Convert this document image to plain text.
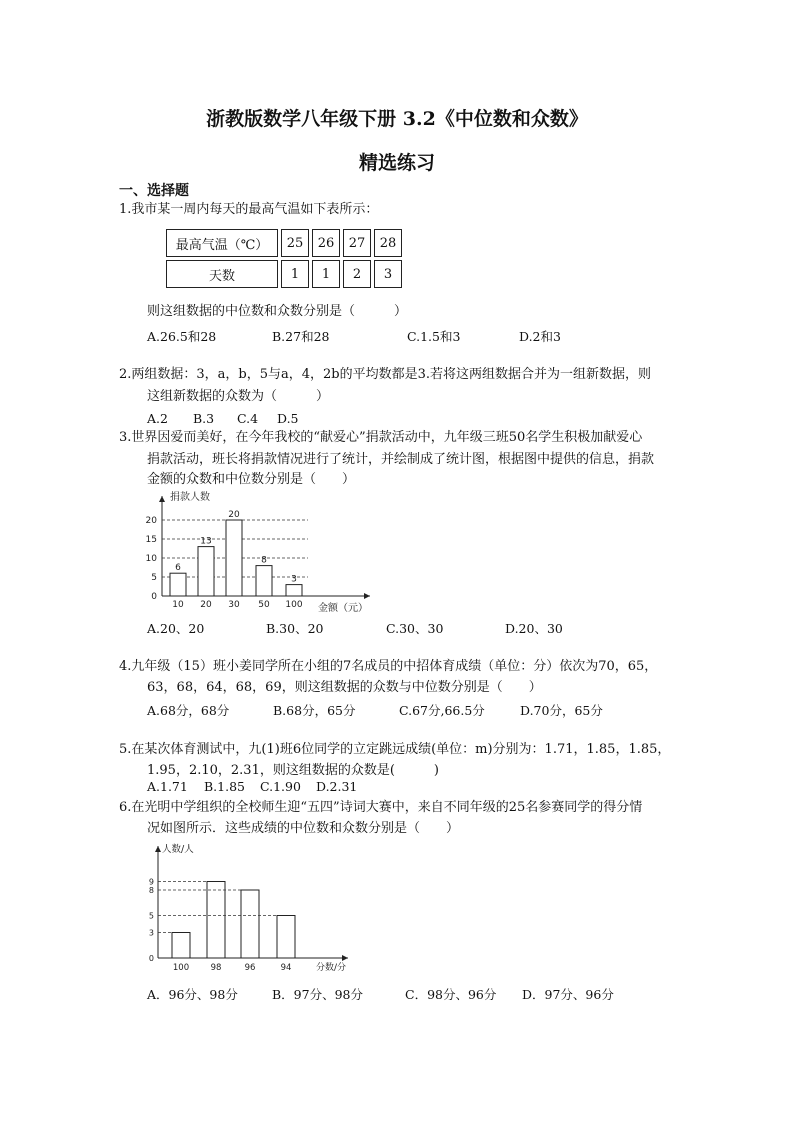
浙教版数学八年级下册 3.2《中位数和众数》
精选练习
一、选择题
1.我市某一周内每天的最高气温如下表所示：
最高气温（℃）	25	26	27	28
天数	1	1	2	3
则这组数据的中位数和众数分别是（　　　）
A.26.5和28	B.27和28	C.1.5和3	D.2和3
2.两组数据：3，a，b，5与a，4，2b的平均数都是3.若将这两组数据合并为一组新数据，则
这组新数据的众数为（　　　）
A.2 B.3 C.4 D.5
3.世界因爱而美好，在今年我校的“献爱心”捐款活动中，九年级三班50名学生积极加献爱心
捐款活动，班长将捐款情况进行了统计，并绘制成了统计图，根据图中提供的信息，捐款
金额的众数和中位数分别是（　　）
捐款人数
金额（元）
0
5
10
15
20
6
10
13
20
20
30
8
50
3
100
A.20、20	B.30、20	C.30、30	D.20、30
4.九年级（15）班小姜同学所在小组的7名成员的中招体育成绩（单位：分）依次为70，65，
63，68，64，68，69，则这组数据的众数与中位数分别是（　　）
A.68分，68分	B.68分，65分	C.67分,66.5分	D.70分，65分
5.在某次体育测试中，九(1)班6位同学的立定跳远成绩(单位：m)分别为：1.71，1.85，1.85，
1.95，2.10，2.31，则这组数据的众数是(　　　)
A.1.71 B.1.85 C.1.90 D.2.31
6.在光明中学组织的全校师生迎“五四”诗词大赛中，来自不同年级的25名参赛同学的得分情
况如图所示．这些成绩的中位数和众数分别是（　　）
人数/人
分数/分
0
3
5
8
9
100	98	96	94
A．96分、98分	B．97分、98分	C．98分、96分 D．97分、96分
